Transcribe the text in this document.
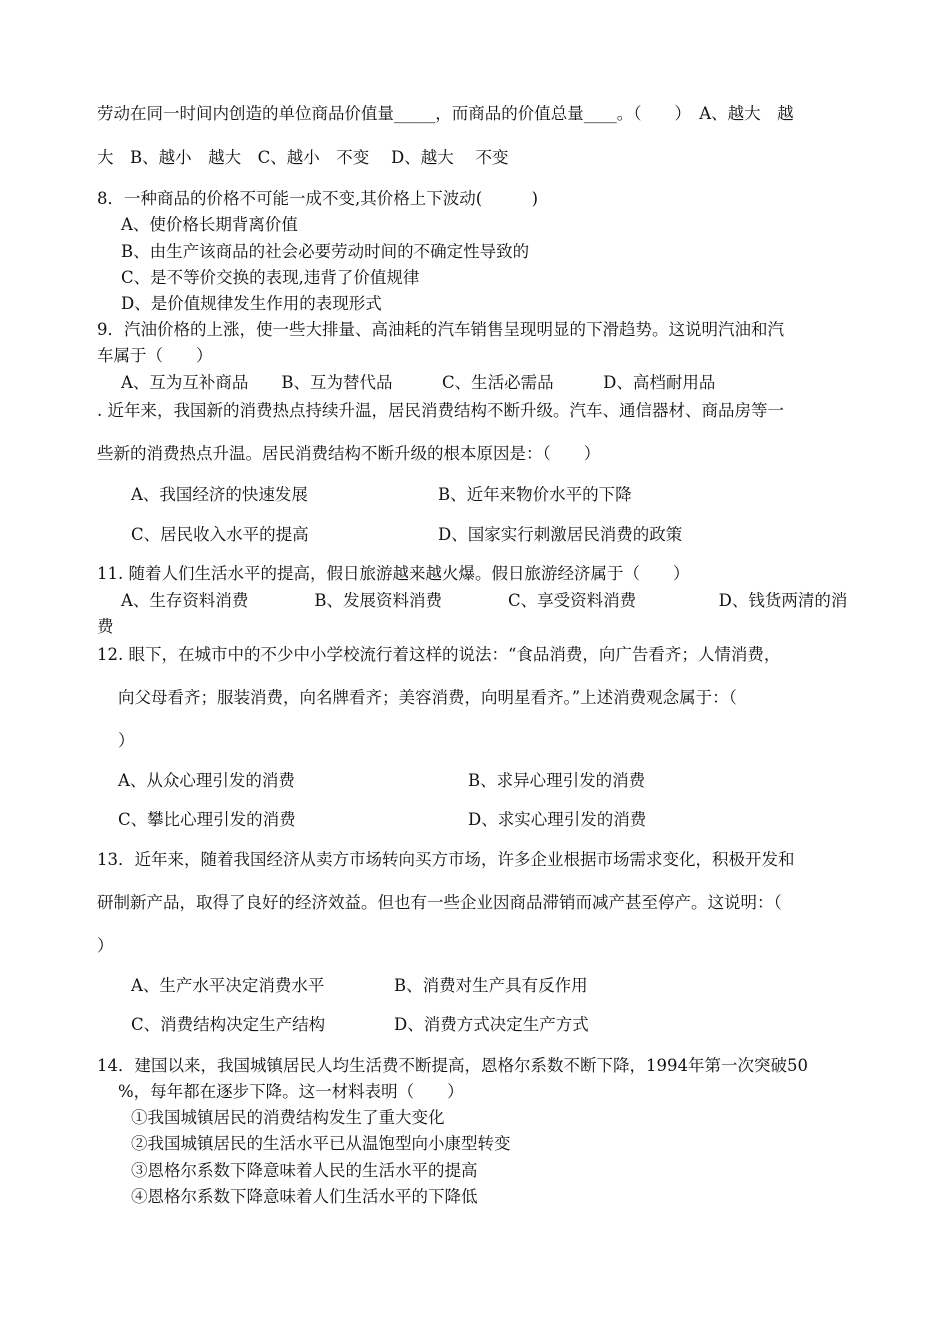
劳动在同一时间内创造的单位商品价值量_____，而商品的价值总量____。（　　）　A、越大　越
大　B、越小　越大　C、越小　不变　 D、越大　 不变
8．一种商品的价格不可能一成不变,其价格上下波动(　　　)
A、使价格长期背离价值
B、由生产该商品的社会必要劳动时间的不确定性导致的
C、是不等价交换的表现,违背了价值规律
D、是价值规律发生作用的表现形式
9．汽油价格的上涨，使一些大排量、高油耗的汽车销售呈现明显的下滑趋势。这说明汽油和汽
车属于（　　）
A、互为互补商品　　B、互为替代品　　　C、生活必需品　　　D、高档耐用品
. 近年来，我国新的消费热点持续升温，居民消费结构不断升级。汽车、通信器材、商品房等一
些新的消费热点升温。居民消费结构不断升级的根本原因是：（　　）
A、我国经济的快速发展	B、近年来物价水平的下降
C、居民收入水平的提高	D、国家实行刺激居民消费的政策
11. 随着人们生活水平的提高，假日旅游越来越火爆。假日旅游经济属于（　　）
A、生存资料消费　　　　B、发展资料消费　　　　C、享受资料消费　　　　　D、钱货两清的消
费
12. 眼下，在城市中的不少中小学校流行着这样的说法：“食品消费，向广告看齐；人情消费，
向父母看齐；服装消费，向名牌看齐；美容消费，向明星看齐。”上述消费观念属于：（
）
A、从众心理引发的消费	B、求异心理引发的消费
C、攀比心理引发的消费	D、求实心理引发的消费
13．近年来，随着我国经济从卖方市场转向买方市场，许多企业根据市场需求变化，积极开发和
研制新产品，取得了良好的经济效益。但也有一些企业因商品滞销而减产甚至停产。这说明：（
）
A、生产水平决定消费水平	B、消费对生产具有反作用
C、消费结构决定生产结构	D、消费方式决定生产方式
14．建国以来，我国城镇居民人均生活费不断提高，恩格尔系数不断下降，1994年第一次突破50
%，每年都在逐步下降。这一材料表明（　　）
①我国城镇居民的消费结构发生了重大变化
②我国城镇居民的生活水平已从温饱型向小康型转变
③恩格尔系数下降意味着人民的生活水平的提高
④恩格尔系数下降意味着人们生活水平的下降低
